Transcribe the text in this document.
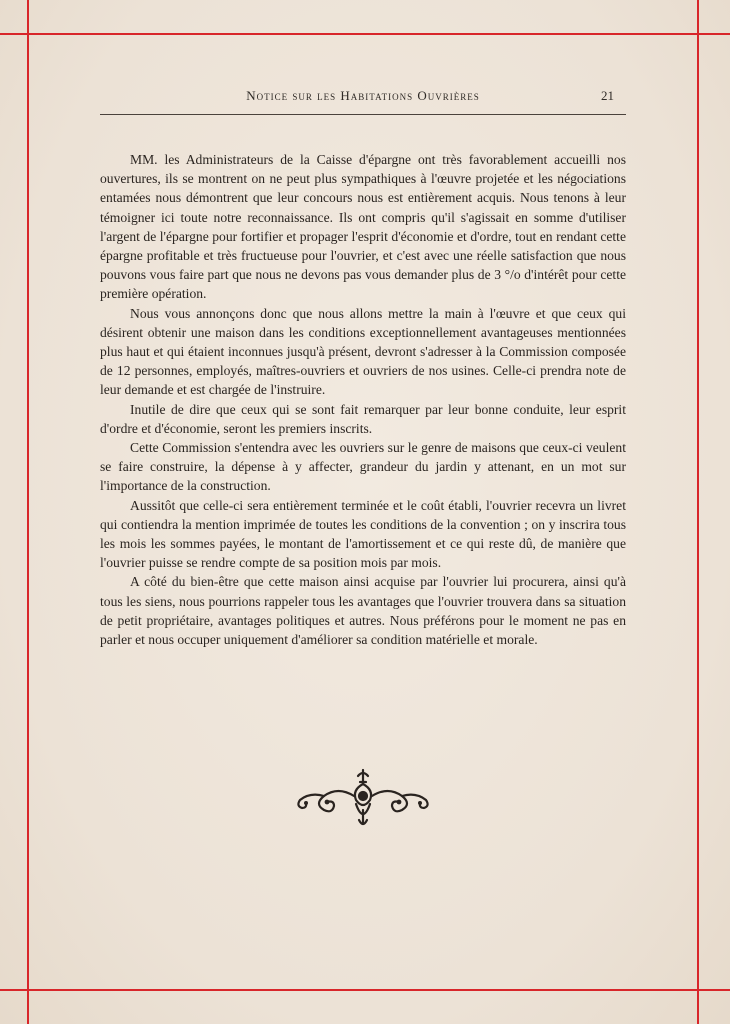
Notice sur les Habitations Ouvrières	21

MM. les Administrateurs de la Caisse d'épargne ont très favorablement accueilli nos ouvertures, ils se montrent on ne peut plus sympathiques à l'œuvre projetée et les négociations entamées nous démontrent que leur concours nous est entièrement acquis. Nous tenons à leur témoigner ici toute notre reconnaissance. Ils ont compris qu'il s'agissait en somme d'utiliser l'argent de l'épargne pour fortifier et propager l'esprit d'économie et d'ordre, tout en rendant cette épargne profitable et très fructueuse pour l'ouvrier, et c'est avec une réelle satisfaction que nous pouvons vous faire part que nous ne devons pas vous demander plus de 3 °/o d'intérêt pour cette première opération.

Nous vous annonçons donc que nous allons mettre la main à l'œuvre et que ceux qui désirent obtenir une maison dans les conditions exceptionnellement avantageuses mentionnées plus haut et qui étaient inconnues jusqu'à présent, devront s'adresser à la Commission composée de 12 personnes, employés, maîtres-ouvriers et ouvriers de nos usines. Celle-ci prendra note de leur demande et est chargée de l'instruire.

Inutile de dire que ceux qui se sont fait remarquer par leur bonne conduite, leur esprit d'ordre et d'économie, seront les premiers inscrits.

Cette Commission s'entendra avec les ouvriers sur le genre de maisons que ceux-ci veulent se faire construire, la dépense à y affecter, grandeur du jardin y attenant, en un mot sur l'importance de la construction.

Aussitôt que celle-ci sera entièrement terminée et le coût établi, l'ouvrier recevra un livret qui contiendra la mention imprimée de toutes les conditions de la convention ; on y inscrira tous les mois les sommes payées, le montant de l'amortissement et ce qui reste dû, de manière que l'ouvrier puisse se rendre compte de sa position mois par mois.

A côté du bien-être que cette maison ainsi acquise par l'ouvrier lui procurera, ainsi qu'à tous les siens, nous pourrions rappeler tous les avantages que l'ouvrier trouvera dans sa situation de petit propriétaire, avantages politiques et autres. Nous préférons pour le moment ne pas en parler et nous occuper uniquement d'améliorer sa condition matérielle et morale.
